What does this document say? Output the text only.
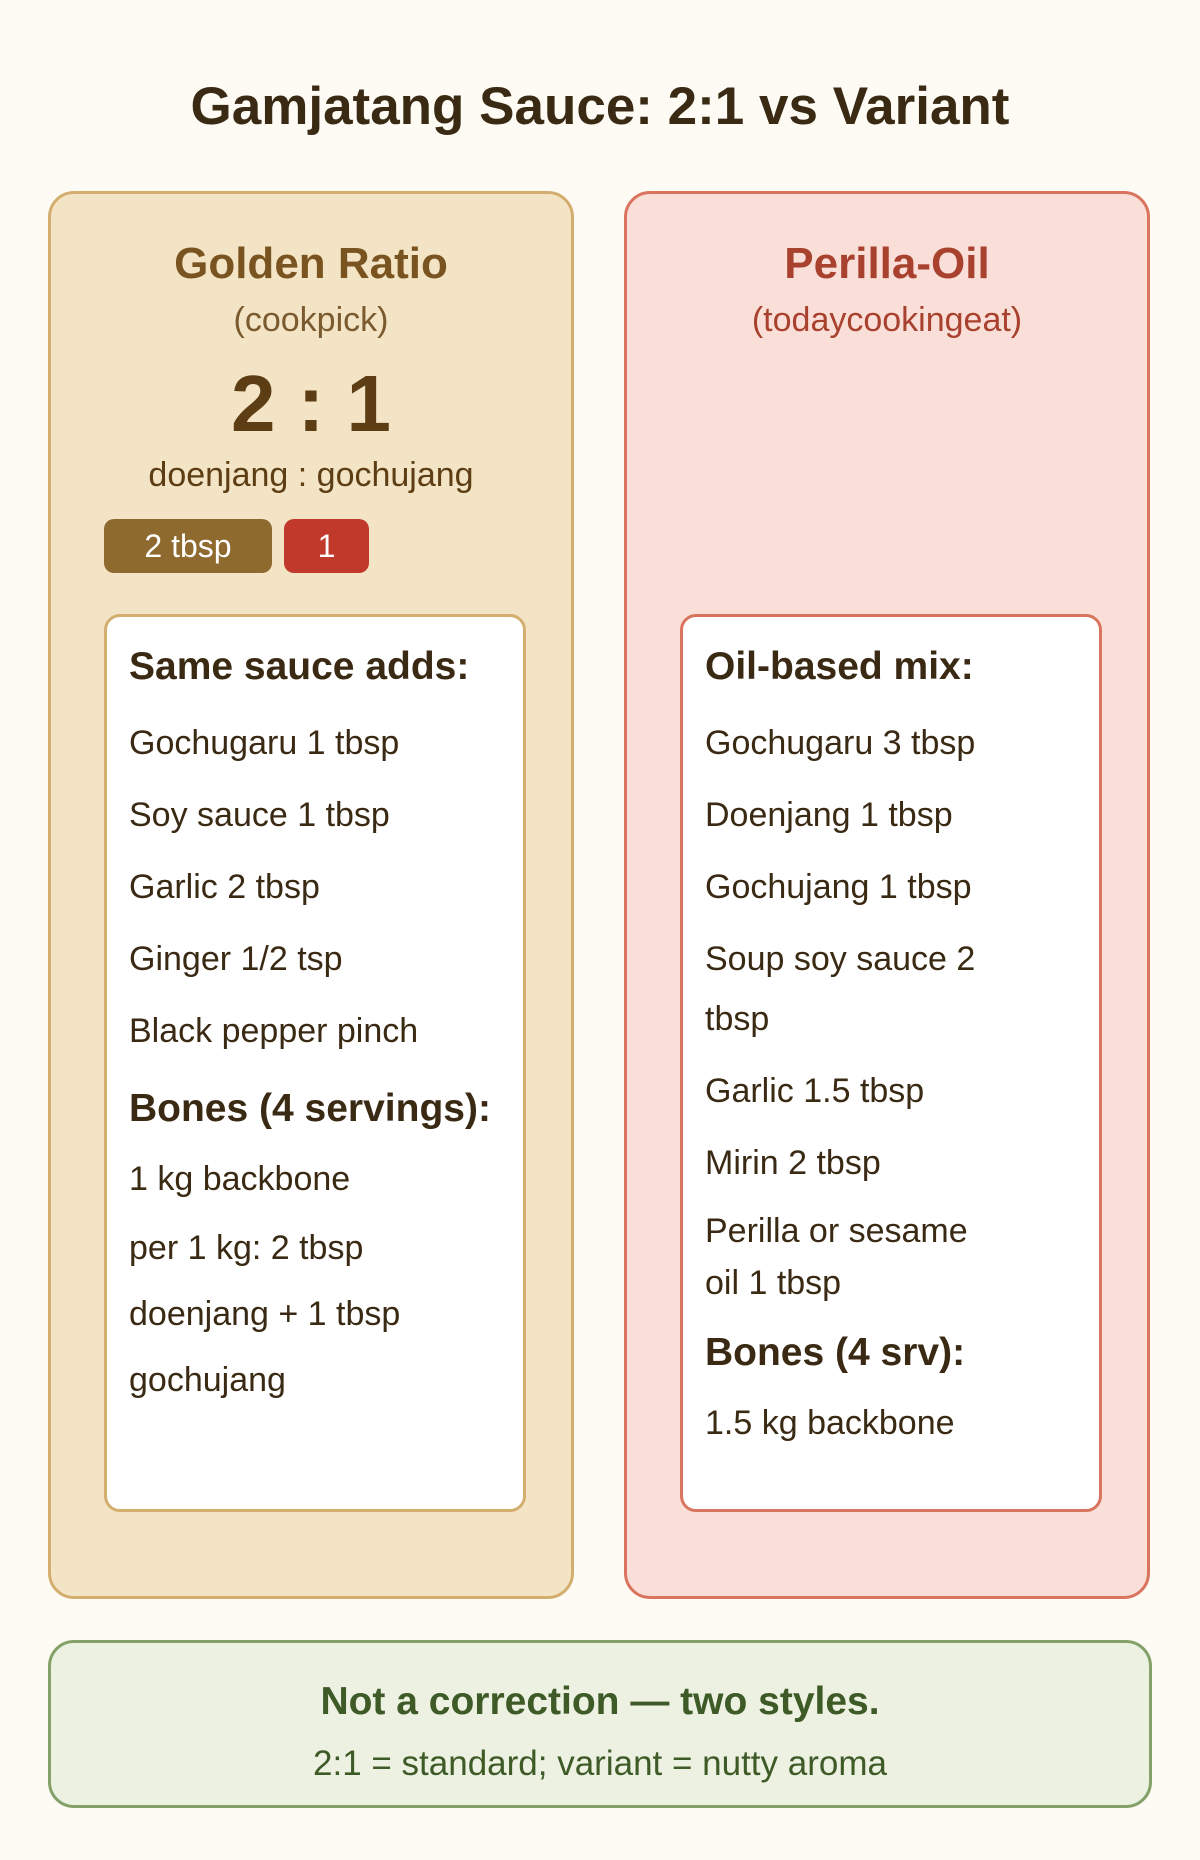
Gamjatang Sauce: 2:1 vs Variant
Golden Ratio
(cookpick)
2 : 1
doenjang : gochujang
2 tbsp	1
Same sauce adds:
Gochugaru 1 tbsp
Soy sauce 1 tbsp
Garlic 2 tbsp
Ginger 1/2 tsp
Black pepper pinch
Bones (4 servings):
1 kg backbone
per 1 kg: 2 tbsp doenjang + 1 tbsp gochujang
Perilla-Oil
(todaycookingeat)
Oil-based mix:
Gochugaru 3 tbsp
Doenjang 1 tbsp
Gochujang 1 tbsp
Soup soy sauce 2 tbsp
Garlic 1.5 tbsp
Mirin 2 tbsp
Perilla or sesame oil 1 tbsp
Bones (4 srv):
1.5 kg backbone
Not a correction — two styles.
2:1 = standard; variant = nutty aroma
